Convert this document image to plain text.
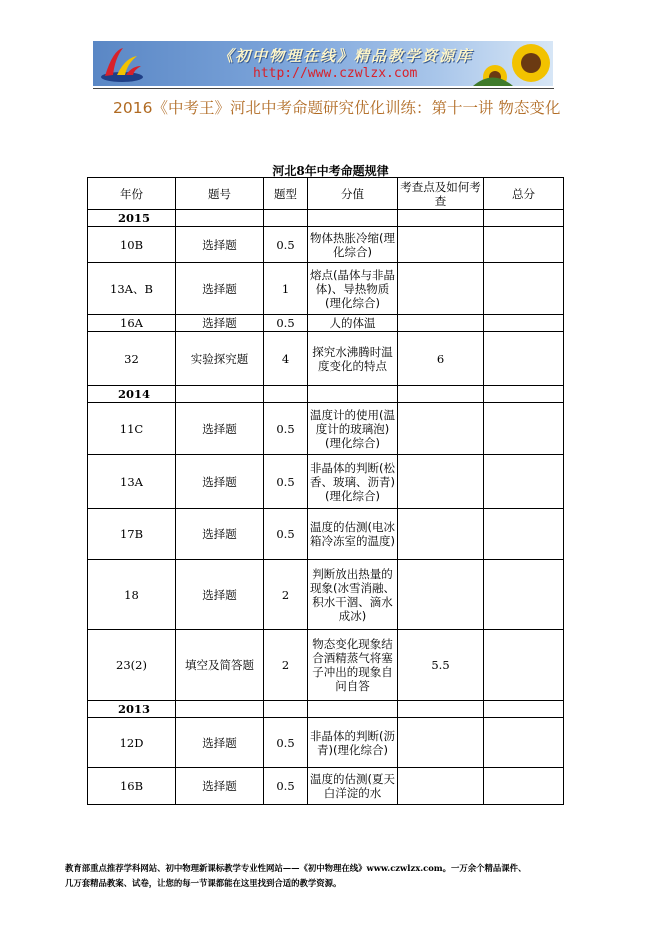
《初中物理在线》精品教学资源库
http://www.czwlzx.com
2016《中考王》河北中考命题研究优化训练：第十一讲 物态变化
河北8年中考命题规律
年份	题号	题型	分值	考查点及如何考查	总分
2015					
10B	选择题	0.5	物体热胀冷缩(理化综合)		
13A、B	选择题	1	熔点(晶体与非晶体)、导热物质(理化综合)		
16A	选择题	0.5	人的体温		
32	实验探究题	4	探究水沸腾时温度变化的特点	6	
2014					
11C	选择题	0.5	温度计的使用(温度计的玻璃泡)(理化综合)		
13A	选择题	0.5	非晶体的判断(松香、玻璃、沥青)(理化综合)		
17B	选择题	0.5	温度的估测(电冰箱冷冻室的温度)		
18	选择题	2	判断放出热量的现象(冰雪消融、积水干涸、滴水成冰)		
23(2)	填空及简答题	2	物态变化现象结合酒精蒸气将塞子冲出的现象自问自答	5.5	
2013					
12D	选择题	0.5	非晶体的判断(沥青)(理化综合)		
16B	选择题	0.5	温度的估测(夏天白洋淀的水		
教育部重点推荐学科网站、初中物理新课标教学专业性网站——《初中物理在线》www.czwlzx.com。一万余个精品课件、
几万套精品教案、试卷，让您的每一节课都能在这里找到合适的教学资源。
